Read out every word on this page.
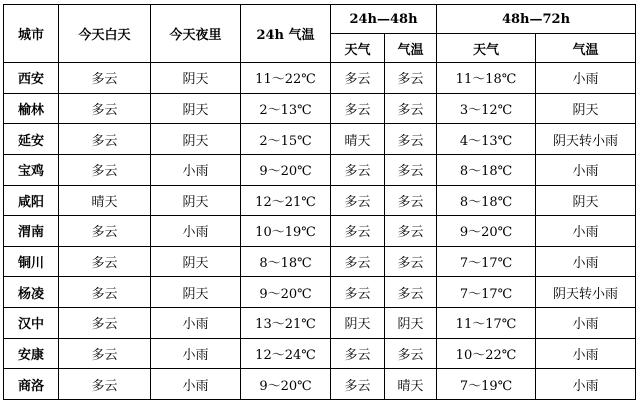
城市	今天白天	今天夜里	24h 气温	24h—48h		48h—72h	
				天气	气温	天气	气温
西安	多云	阴天	11～22℃	多云	多云	11～18℃	小雨
榆林	多云	阴天	2～13℃	多云	多云	3～12℃	阴天
延安	多云	阴天	2～15℃	晴天	多云	4～13℃	阴天转小雨
宝鸡	多云	小雨	9～20℃	多云	多云	8～18℃	小雨
咸阳	晴天	阴天	12～21℃	多云	多云	8～18℃	阴天
渭南	多云	小雨	10～19℃	多云	多云	9～20℃	小雨
铜川	多云	阴天	8～18℃	多云	多云	7～17℃	小雨
杨凌	多云	阴天	9～20℃	多云	多云	7～17℃	阴天转小雨
汉中	多云	小雨	13～21℃	阴天	阴天	11～17℃	小雨
安康	多云	小雨	12～24℃	多云	多云	10～22℃	小雨
商洛	多云	小雨	9～20℃	多云	晴天	7～19℃	小雨
